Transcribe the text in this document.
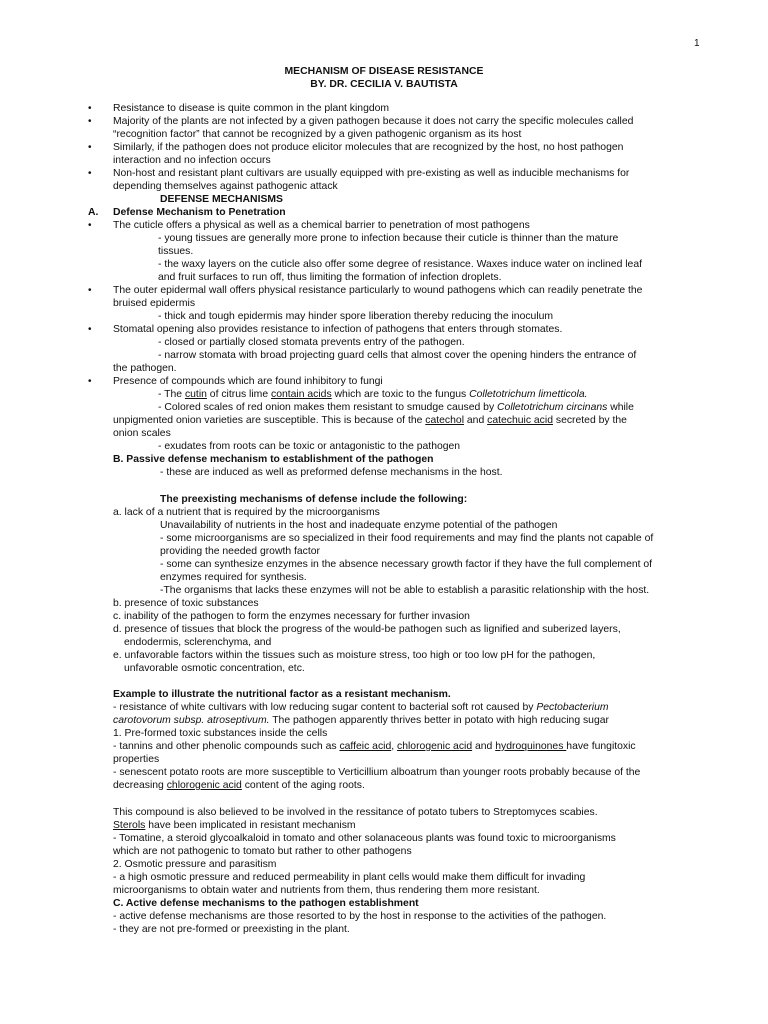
1
MECHANISM OF DISEASE RESISTANCE
BY. DR. CECILIA V. BAUTISTA
• Resistance to disease is quite common in the plant kingdom
• Majority of the plants are not infected by a given pathogen because it does not carry the specific molecules called
“recognition factor” that cannot be recognized by a given pathogenic organism as its host
• Similarly, if the pathogen does not produce elicitor molecules that are recognized by the host, no host pathogen
interaction and no infection occurs
• Non-host and resistant plant cultivars are usually equipped with pre-existing as well as inducible mechanisms for
depending themselves against pathogenic attack
DEFENSE MECHANISMS
A. Defense Mechanism to Penetration
• The cuticle offers a physical as well as a chemical barrier to penetration of most pathogens
- young tissues are generally more prone to infection because their cuticle is thinner than the mature
tissues.
- the waxy layers on the cuticle also offer some degree of resistance. Waxes induce water on inclined leaf
and fruit surfaces to run off, thus limiting the formation of infection droplets.
• The outer epidermal wall offers physical resistance particularly to wound pathogens which can readily penetrate the
bruised epidermis
- thick and tough epidermis may hinder spore liberation thereby reducing the inoculum
• Stomatal opening also provides resistance to infection of pathogens that enters through stomates.
- closed or partially closed stomata prevents entry of the pathogen.
- narrow stomata with broad projecting guard cells that almost cover the opening hinders the entrance of
the pathogen.
• Presence of compounds which are found inhibitory to fungi
- The cutin of citrus lime contain acids which are toxic to the fungus Colletotrichum limetticola.
- Colored scales of red onion makes them resistant to smudge caused by Colletotrichum circinans while
unpigmented onion varieties are susceptible. This is because of the catechol and catechuic acid secreted by the
onion scales
- exudates from roots can be toxic or antagonistic to the pathogen
B. Passive defense mechanism to establishment of the pathogen
- these are induced as well as preformed defense mechanisms in the host.
The preexisting mechanisms of defense include the following:
a. lack of a nutrient that is required by the microorganisms
Unavailability of nutrients in the host and inadequate enzyme potential of the pathogen
- some microorganisms are so specialized in their food requirements and may find the plants not capable of
providing the needed growth factor
- some can synthesize enzymes in the absence necessary growth factor if they have the full complement of
enzymes required for synthesis.
-The organisms that lacks these enzymes will not be able to establish a parasitic relationship with the host.
b. presence of toxic substances
c. inability of the pathogen to form the enzymes necessary for further invasion
d. presence of tissues that block the progress of the would-be pathogen such as lignified and suberized layers,
endodermis, sclerenchyma, and
e. unfavorable factors within the tissues such as moisture stress, too high or too low pH for the pathogen,
unfavorable osmotic concentration, etc.
Example to illustrate the nutritional factor as a resistant mechanism.
- resistance of white cultivars with low reducing sugar content to bacterial soft rot caused by Pectobacterium
carotovorum subsp. atroseptivum. The pathogen apparently thrives better in potato with high reducing sugar
1. Pre-formed toxic substances inside the cells
- tannins and other phenolic compounds such as caffeic acid, chlorogenic acid and hydroquinones have fungitoxic
properties
- senescent potato roots are more susceptible to Verticillium alboatrum than younger roots probably because of the
decreasing chlorogenic acid content of the aging roots.
This compound is also believed to be involved in the ressitance of potato tubers to Streptomyces scabies.
Sterols have been implicated in resistant mechanism
- Tomatine, a steroid glycoalkaloid in tomato and other solanaceous plants was found toxic to microorganisms
which are not pathogenic to tomato but rather to other pathogens
2. Osmotic pressure and parasitism
- a high osmotic pressure and reduced permeability in plant cells would make them difficult for invading
microorganisms to obtain water and nutrients from them, thus rendering them more resistant.
C. Active defense mechanisms to the pathogen establishment
- active defense mechanisms are those resorted to by the host in response to the activities of the pathogen.
- they are not pre-formed or preexisting in the plant.
